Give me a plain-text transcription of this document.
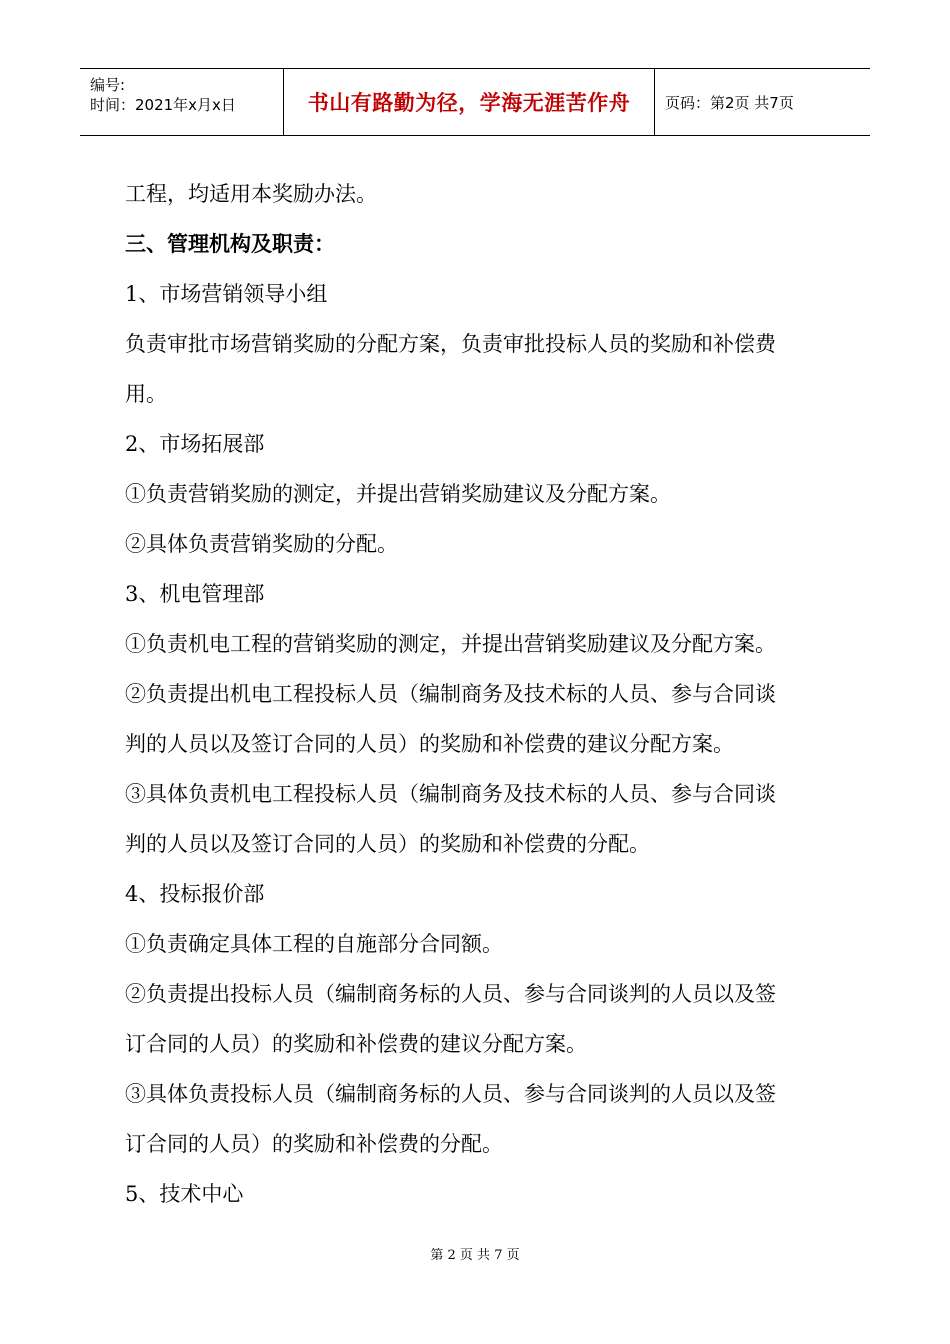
编号:
时间：2021年x月x日	书山有路勤为径，学海无涯苦作舟	页码：第2页 共7页
工程，均适用本奖励办法。
三、管理机构及职责：
1、市场营销领导小组
负责审批市场营销奖励的分配方案，负责审批投标人员的奖励和补偿费
用。
2、市场拓展部
①负责营销奖励的测定，并提出营销奖励建议及分配方案。
②具体负责营销奖励的分配。
3、机电管理部
①负责机电工程的营销奖励的测定，并提出营销奖励建议及分配方案。
②负责提出机电工程投标人员（编制商务及技术标的人员、参与合同谈
判的人员以及签订合同的人员）的奖励和补偿费的建议分配方案。
③具体负责机电工程投标人员（编制商务及技术标的人员、参与合同谈
判的人员以及签订合同的人员）的奖励和补偿费的分配。
4、投标报价部
①负责确定具体工程的自施部分合同额。
②负责提出投标人员（编制商务标的人员、参与合同谈判的人员以及签
订合同的人员）的奖励和补偿费的建议分配方案。
③具体负责投标人员（编制商务标的人员、参与合同谈判的人员以及签
订合同的人员）的奖励和补偿费的分配。
5、技术中心
第 2 页 共 7 页
